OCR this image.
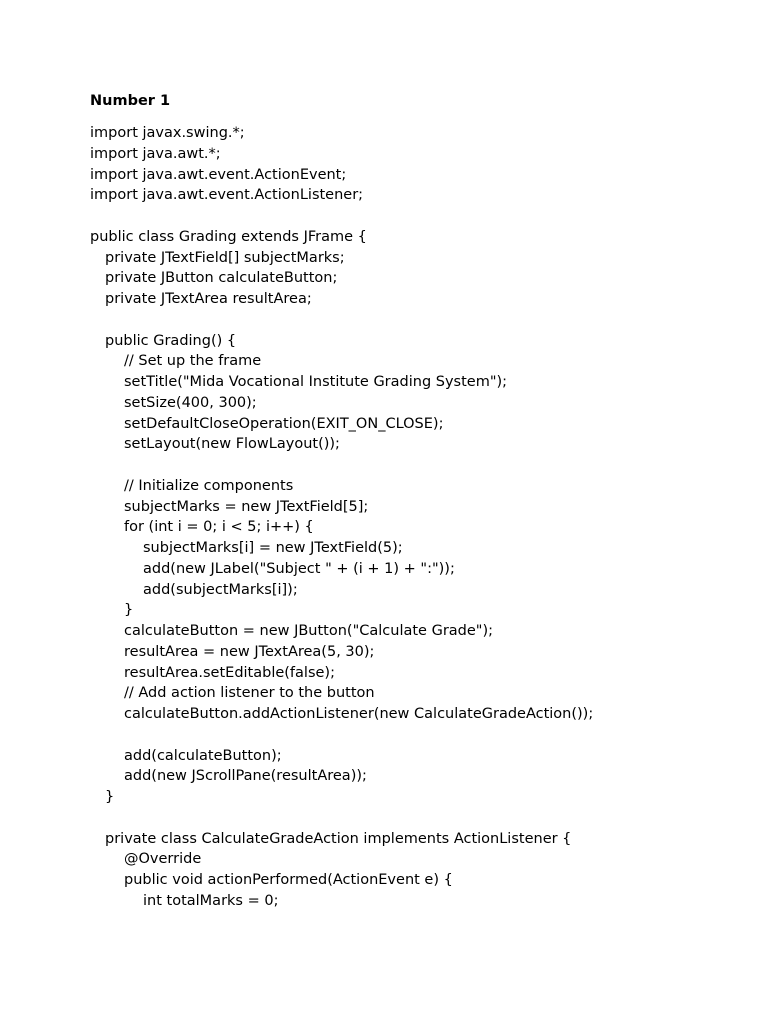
Number 1
import javax.swing.*;
import java.awt.*;
import java.awt.event.ActionEvent;
import java.awt.event.ActionListener;
public class Grading extends JFrame {
private JTextField[] subjectMarks;
private JButton calculateButton;
private JTextArea resultArea;
public Grading() {
// Set up the frame
setTitle("Mida Vocational Institute Grading System");
setSize(400, 300);
setDefaultCloseOperation(EXIT_ON_CLOSE);
setLayout(new FlowLayout());
// Initialize components
subjectMarks = new JTextField[5];
for (int i = 0; i < 5; i++) {
subjectMarks[i] = new JTextField(5);
add(new JLabel("Subject " + (i + 1) + ":"));
add(subjectMarks[i]);
}
calculateButton = new JButton("Calculate Grade");
resultArea = new JTextArea(5, 30);
resultArea.setEditable(false);
// Add action listener to the button
calculateButton.addActionListener(new CalculateGradeAction());
add(calculateButton);
add(new JScrollPane(resultArea));
}
private class CalculateGradeAction implements ActionListener {
@Override
public void actionPerformed(ActionEvent e) {
int totalMarks = 0;
